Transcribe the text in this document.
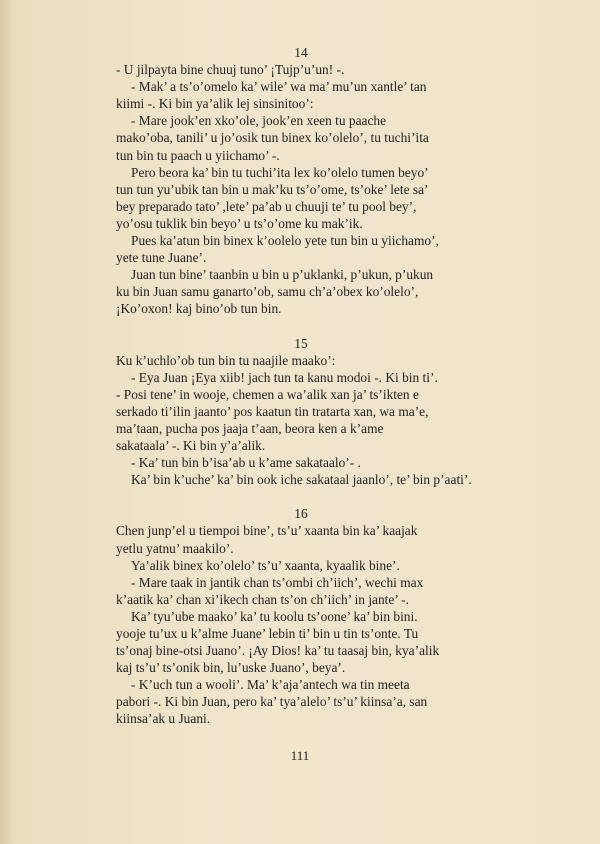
14

- U jilpayta bine chuuj tuno’ ¡Tujp’u’un! -.

- Mak’ a ts’o’omelo ka’ wile’ wa ma’ mu’un xantle’ tan

kiimi -. Ki bin ya’alik lej sinsinitoo’:

- Mare jook’en xko’ole, jook’en xeen tu paache

mako’oba, tanili’ u jo’osik tun binex ko’olelo’, tu tuchi’ita

tun bin tu paach u yiichamo’ -.

Pero beora ka’ bin tu tuchi’ita lex ko’olelo tumen beyo’

tun tun yu’ubik tan bin u mak’ku ts’o’ome, ts’oke’ lete sa’

bey preparado tato’ ,lete’ pa’ab u chuuji te’ tu pool bey’,

yo’osu tuklik bin beyo’ u ts’o’ome ku mak’ik.

Pues ka’atun bin binex k’oolelo yete tun bin u yiichamo’,

yete tune Juane’.

Juan tun bine’ taanbin u bin u p’uklanki, p’ukun, p’ukun

ku bin Juan samu ganarto’ob, samu ch’a’obex ko’olelo’,

¡Ko’oxon! kaj bino’ob tun bin.

15

Ku k’uchlo’ob tun bin tu naajile maako’:

- Eya Juan ¡Eya xiib! jach tun ta kanu modoi -. Ki bin ti’.

- Posi tene’ in wooje, chemen a wa’alik xan ja’ ts’ikten e

serkado ti’ilin jaanto’ pos kaatun tin tratarta xan, wa ma’e,

ma’taan, pucha pos jaaja t’aan, beora ken a k’ame

sakataala’ -. Ki bin y’a’alik.

- Ka’ tun bin b’isa’ab u k’ame sakataalo’- .

Ka’ bin k’uche’ ka’ bin ook iche sakataal jaanlo’, te’ bin p’aati’.

16

Chen junp’el u tiempoi bine’, ts’u’ xaanta bin ka’ kaajak

yetlu yatnu’ maakilo’.

Ya’alik binex ko’olelo’ ts’u’ xaanta, kyaalik bine’.

- Mare taak in jantik chan ts’ombi ch’iich’, wechi max

k’aatik ka’ chan xi’ikech chan ts’on ch’iich’ in jante’ -.

Ka’ tyu’ube maako’ ka’ tu koolu ts’oone’ ka’ bin bini.

yooje tu’ux u k’alme Juane’ lebin ti’ bin u tin ts’onte. Tu

ts’onaj bine-otsi Juano’. ¡Ay Dios! ka’ tu taasaj bin, kya’alik

kaj ts’u’ ts’onik bin, lu’uske Juano’, beya’.

- K’uch tun a wooli’. Ma’ k’aja’antech wa tin meeta

pabori -. Ki bin Juan, pero ka’ tya’alelo’ ts’u’ kiinsa’a, san

kiinsa’ak u Juani.

111
